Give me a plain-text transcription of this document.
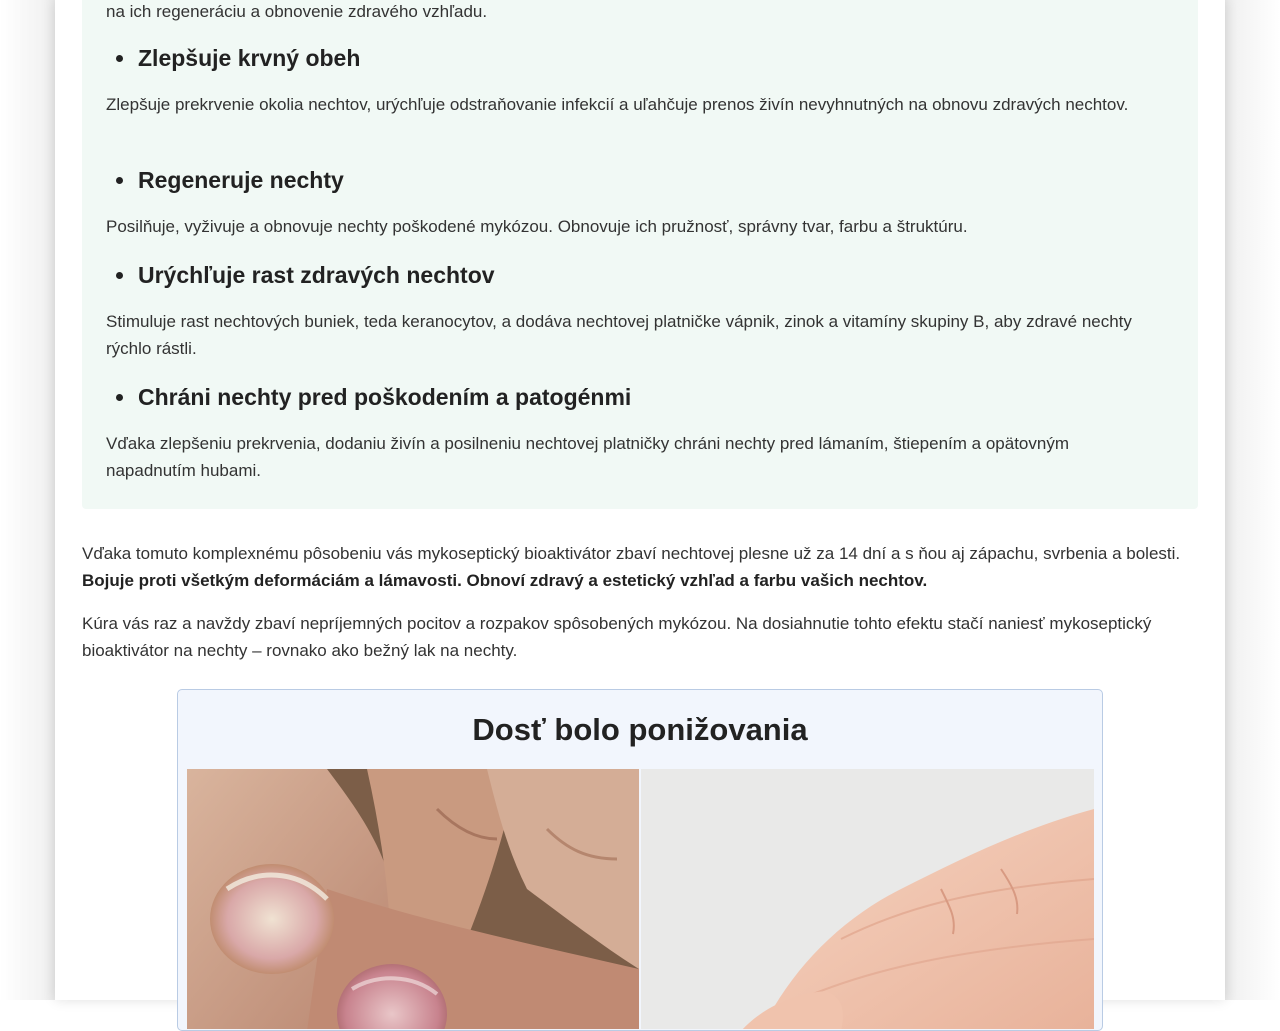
na ich regeneráciu a obnovenie zdravého vzhľadu.

Zlepšuje krvný obeh

Zlepšuje prekrvenie okolia nechtov, urýchľuje odstraňovanie infekcií a uľahčuje prenos živín nevyhnutných na obnovu zdravých nechtov.

Regeneruje nechty

Posilňuje, vyživuje a obnovuje nechty poškodené mykózou. Obnovuje ich pružnosť, správny tvar, farbu a štruktúru.

Urýchľuje rast zdravých nechtov

Stimuluje rast nechtových buniek, teda keranocytov, a dodáva nechtovej platničke vápnik, zinok a vitamíny skupiny B, aby zdravé nechty rýchlo rástli.

Chráni nechty pred poškodením a patogénmi

Vďaka zlepšeniu prekrvenia, dodaniu živín a posilneniu nechtovej platničky chráni nechty pred lámaním, štiepením a opätovným napadnutím hubami.

Vďaka tomuto komplexnému pôsobeniu vás mykoseptický bioaktivátor zbaví nechtovej plesne už za 14 dní a s ňou aj zápachu, svrbenia a bolesti. Bojuje proti všetkým deformáciám a lámavosti. Obnoví zdravý a estetický vzhľad a farbu vašich nechtov.

Kúra vás raz a navždy zbaví nepríjemných pocitov a rozpakov spôsobených mykózou. Na dosiahnutie tohto efektu stačí naniesť mykoseptický bioaktivátor na nechty – rovnako ako bežný lak na nechty.

Dosť bolo ponižovania
